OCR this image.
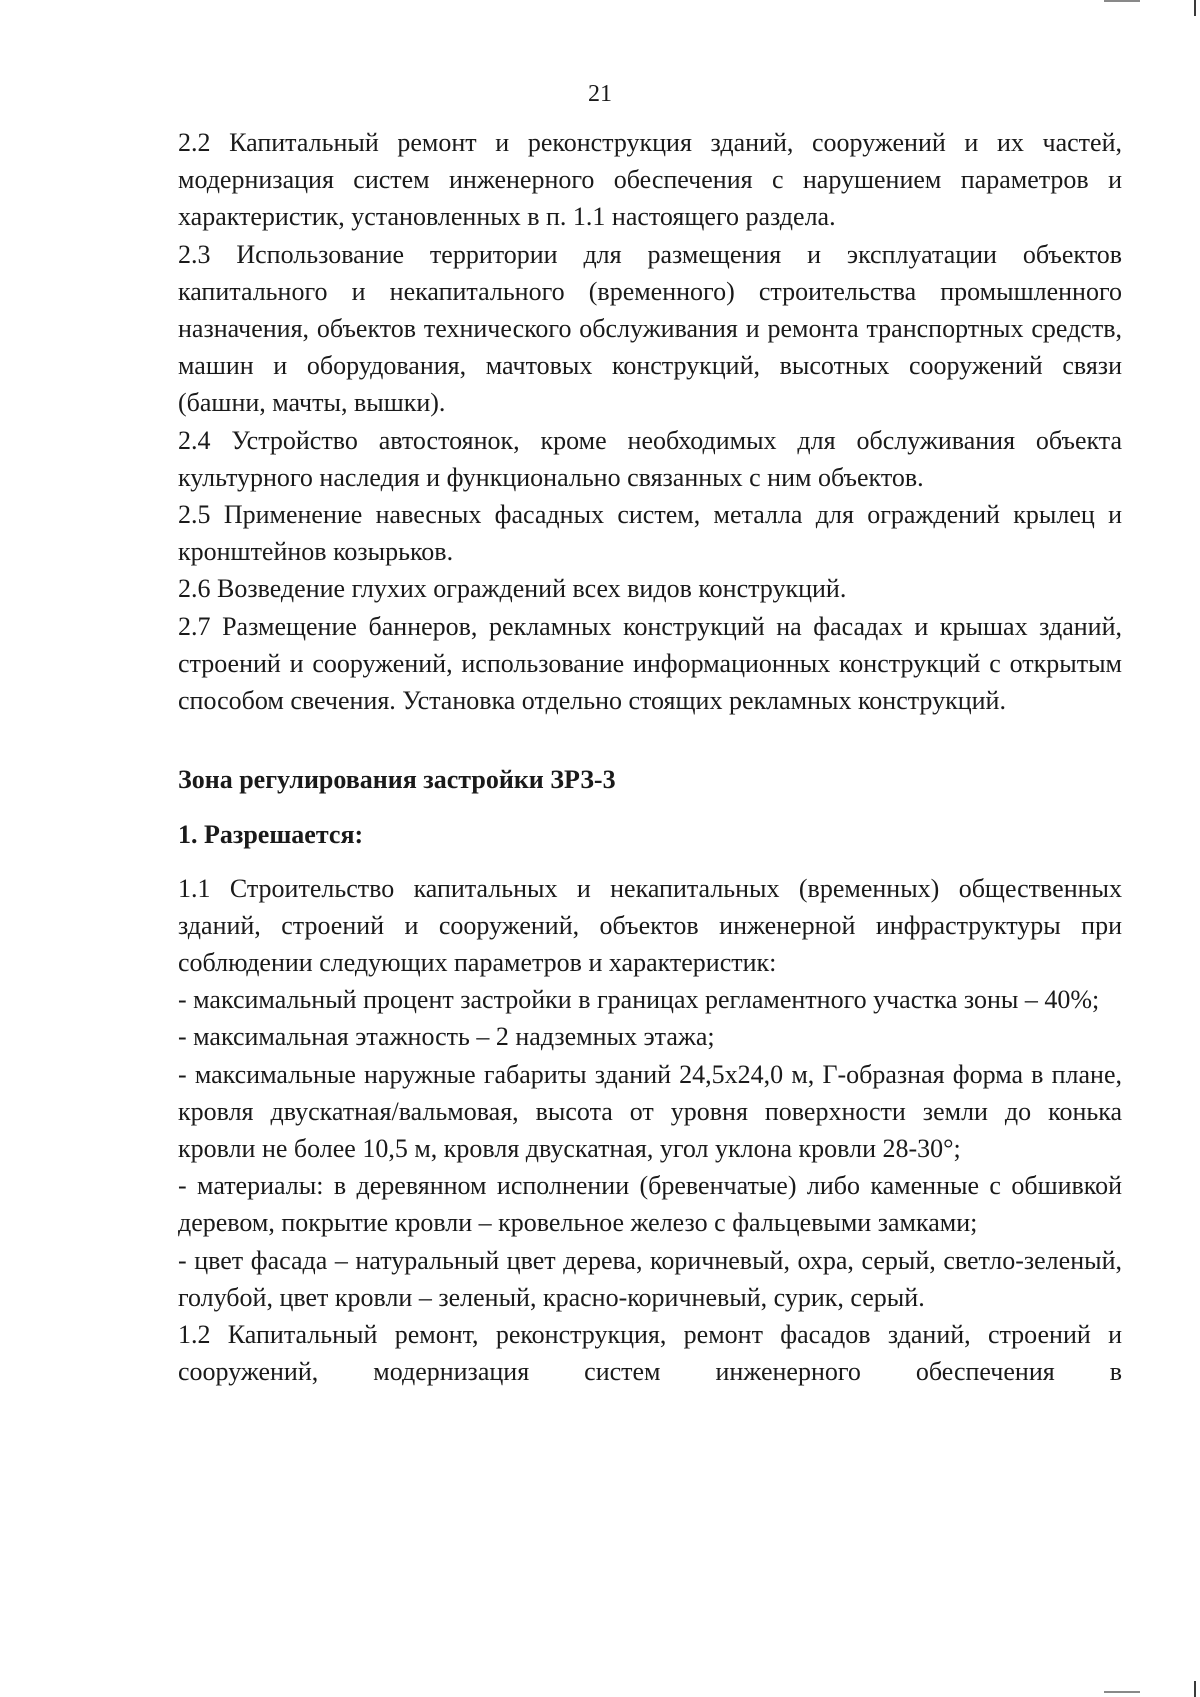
21

2.2 Капитальный ремонт и реконструкция зданий, сооружений и их частей, модернизация систем инженерного обеспечения с нарушением параметров и характеристик, установленных в п. 1.1 настоящего раздела.

2.3 Использование территории для размещения и эксплуатации объектов капитального и некапитального (временного) строительства промышленного назначения, объектов технического обслуживания и ремонта транспортных средств, машин и оборудования, мачтовых конструкций, высотных сооружений связи (башни, мачты, вышки).

2.4 Устройство автостоянок, кроме необходимых для обслуживания объекта культурного наследия и функционально связанных с ним объектов.

2.5 Применение навесных фасадных систем, металла для ограждений крылец и кронштейнов козырьков.

2.6 Возведение глухих ограждений всех видов конструкций.

2.7 Размещение баннеров, рекламных конструкций на фасадах и крышах зданий, строений и сооружений, использование информационных конструкций с открытым способом свечения. Установка отдельно стоящих рекламных конструкций.

Зона регулирования застройки ЗРЗ-3

1. Разрешается:

1.1 Строительство капитальных и некапитальных (временных) общественных зданий, строений и сооружений, объектов инженерной инфраструктуры при соблюдении следующих параметров и характеристик:

- максимальный процент застройки в границах регламентного участка зоны – 40%;

- максимальная этажность – 2 надземных этажа;

- максимальные наружные габариты зданий 24,5х24,0 м, Г-образная форма в плане, кровля двускатная/вальмовая, высота от уровня поверхности земли до конька кровли не более 10,5 м, кровля двускатная, угол уклона кровли 28-30°;

- материалы: в деревянном исполнении (бревенчатые) либо каменные с обшивкой деревом, покрытие кровли – кровельное железо с фальцевыми замками;

- цвет фасада – натуральный цвет дерева, коричневый, охра, серый, светло-зеленый, голубой, цвет кровли – зеленый, красно-коричневый, сурик, серый.

1.2 Капитальный ремонт, реконструкция, ремонт фасадов зданий, строений и сооружений, модернизация систем инженерного обеспечения в
